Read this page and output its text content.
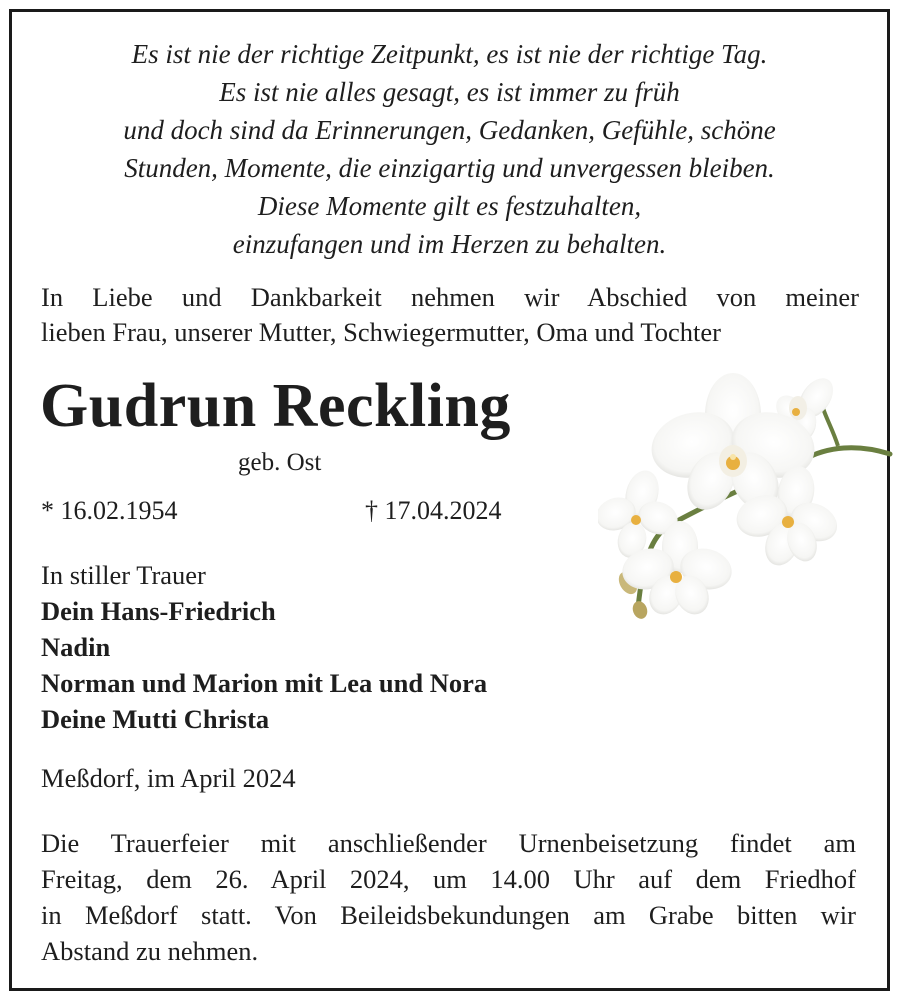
Es ist nie der richtige Zeitpunkt, es ist nie der richtige Tag.
Es ist nie alles gesagt, es ist immer zu früh
und doch sind da Erinnerungen, Gedanken, Gefühle, schöne
Stunden, Momente, die einzigartig und unvergessen bleiben.
Diese Momente gilt es festzuhalten,
einzufangen und im Herzen zu behalten.
In Liebe und Dankbarkeit nehmen wir Abschied von meiner
lieben Frau, unserer Mutter, Schwiegermutter, Oma und Tochter
Gudrun Reckling
geb. Ost
* 16.02.1954	† 17.04.2024
In stiller Trauer
Dein Hans-Friedrich
Nadin
Norman und Marion mit Lea und Nora
Deine Mutti Christa
Meßdorf, im April 2024
Die Trauerfeier mit anschließender Urnenbeisetzung findet am
Freitag, dem 26. April 2024, um 14.00 Uhr auf dem Friedhof
in Meßdorf statt. Von Beileidsbekundungen am Grabe bitten wir
Abstand zu nehmen.
